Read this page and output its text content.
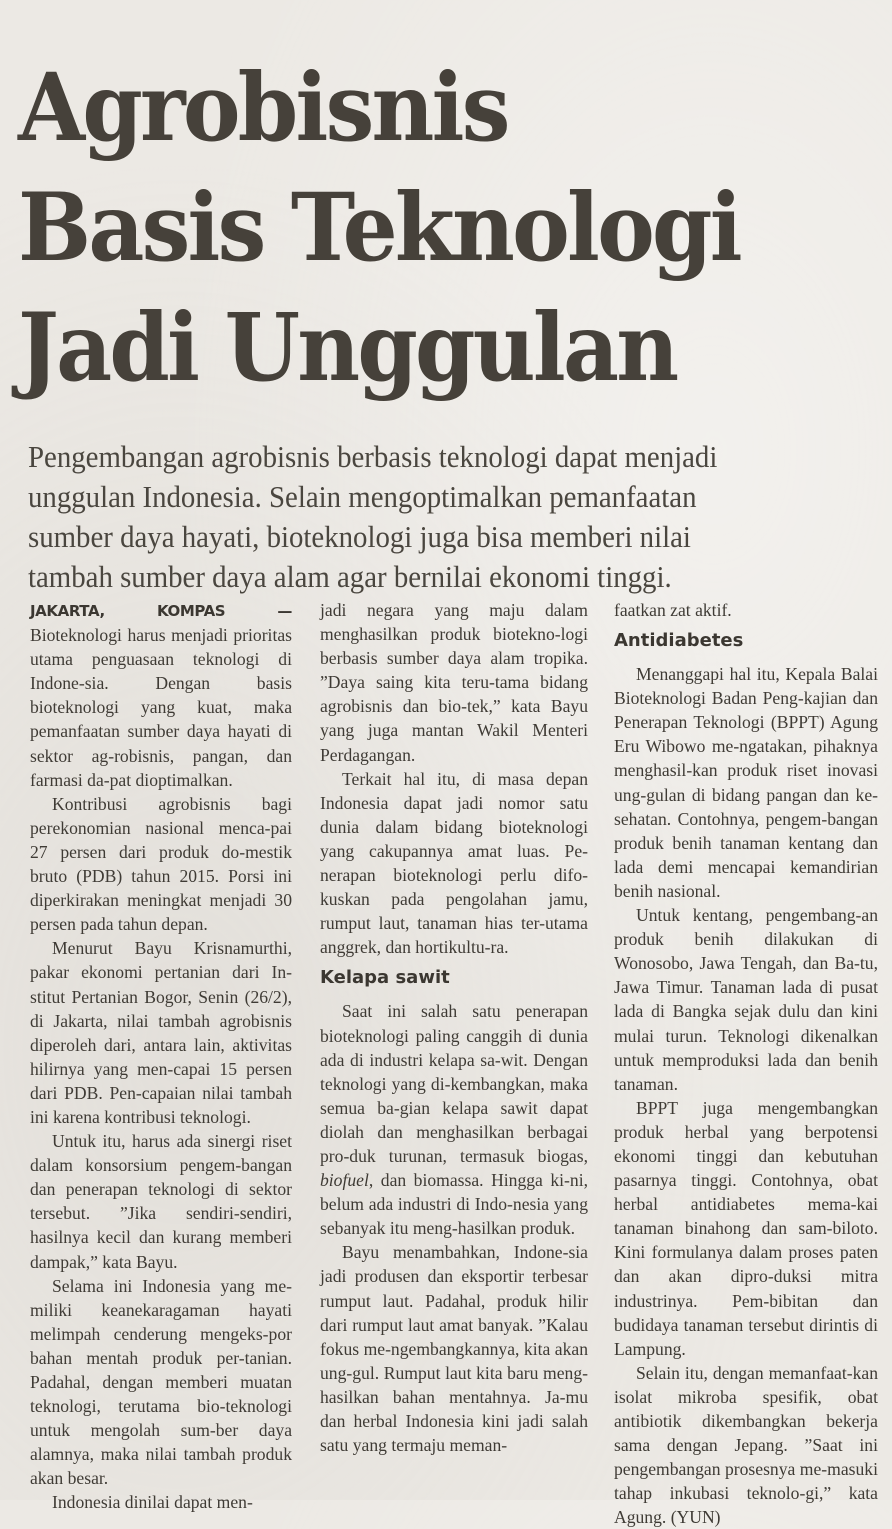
Agrobisnis
Basis Teknologi
Jadi Unggulan
Pengembangan agrobisnis berbasis teknologi dapat menjadi
unggulan Indonesia. Selain mengoptimalkan pemanfaatan
sumber daya hayati, bioteknologi juga bisa memberi nilai
tambah sumber daya alam agar bernilai ekonomi tinggi.

JAKARTA, KOMPAS — Bioteknologi harus menjadi prioritas utama penguasaan teknologi di Indone-sia. Dengan basis bioteknologi yang kuat, maka pemanfaatan sumber daya hayati di sektor ag-robisnis, pangan, dan farmasi da-pat dioptimalkan.

Kontribusi agrobisnis bagi perekonomian nasional menca-pai 27 persen dari produk do-mestik bruto (PDB) tahun 2015. Porsi ini diperkirakan meningkat menjadi 30 persen pada tahun depan.

Menurut Bayu Krisnamurthi, pakar ekonomi pertanian dari In-stitut Pertanian Bogor, Senin (26/2), di Jakarta, nilai tambah agrobisnis diperoleh dari, antara lain, aktivitas hilirnya yang men-capai 15 persen dari PDB. Pen-capaian nilai tambah ini karena kontribusi teknologi.

Untuk itu, harus ada sinergi riset dalam konsorsium pengem-bangan dan penerapan teknologi di sektor tersebut. ”Jika sendiri-sendiri, hasilnya kecil dan kurang memberi dampak,” kata Bayu.

Selama ini Indonesia yang me-miliki keanekaragaman hayati melimpah cenderung mengeks-por bahan mentah produk per-tanian. Padahal, dengan memberi muatan teknologi, terutama bio-teknologi untuk mengolah sum-ber daya alamnya, maka nilai tambah produk akan besar.

Indonesia dinilai dapat men-

jadi negara yang maju dalam menghasilkan produk biotekno-logi berbasis sumber daya alam tropika. ”Daya saing kita teru-tama bidang agrobisnis dan bio-tek,” kata Bayu yang juga mantan Wakil Menteri Perdagangan.

Terkait hal itu, di masa depan Indonesia dapat jadi nomor satu dunia dalam bidang bioteknologi yang cakupannya amat luas. Pe-nerapan bioteknologi perlu difo-kuskan pada pengolahan jamu, rumput laut, tanaman hias ter-utama anggrek, dan hortikultu-ra.

Kelapa sawit

Saat ini salah satu penerapan bioteknologi paling canggih di dunia ada di industri kelapa sa-wit. Dengan teknologi yang di-kembangkan, maka semua ba-gian kelapa sawit dapat diolah dan menghasilkan berbagai pro-duk turunan, termasuk biogas, biofuel, dan biomassa. Hingga ki-ni, belum ada industri di Indo-nesia yang sebanyak itu meng-hasilkan produk.

Bayu menambahkan, Indone-sia jadi produsen dan eksportir terbesar rumput laut. Padahal, produk hilir dari rumput laut amat banyak. ”Kalau fokus me-ngembangkannya, kita akan ung-gul. Rumput laut kita baru meng-hasilkan bahan mentahnya. Ja-mu dan herbal Indonesia kini jadi salah satu yang termaju meman-

faatkan zat aktif.

Antidiabetes

Menanggapi hal itu, Kepala Balai Bioteknologi Badan Peng-kajian dan Penerapan Teknologi (BPPT) Agung Eru Wibowo me-ngatakan, pihaknya menghasil-kan produk riset inovasi ung-gulan di bidang pangan dan ke-sehatan. Contohnya, pengem-bangan produk benih tanaman kentang dan lada demi mencapai kemandirian benih nasional.

Untuk kentang, pengembang-an produk benih dilakukan di Wonosobo, Jawa Tengah, dan Ba-tu, Jawa Timur. Tanaman lada di pusat lada di Bangka sejak dulu dan kini mulai turun. Teknologi dikenalkan untuk memproduksi lada dan benih tanaman.

BPPT juga mengembangkan produk herbal yang berpotensi ekonomi tinggi dan kebutuhan pasarnya tinggi. Contohnya, obat herbal antidiabetes mema-kai tanaman binahong dan sam-biloto. Kini formulanya dalam proses paten dan akan dipro-duksi mitra industrinya. Pem-bibitan dan budidaya tanaman tersebut dirintis di Lampung.

Selain itu, dengan memanfaat-kan isolat mikroba spesifik, obat antibiotik dikembangkan bekerja sama dengan Jepang. ”Saat ini pengembangan prosesnya me-masuki tahap inkubasi teknolo-gi,” kata Agung. (YUN)
